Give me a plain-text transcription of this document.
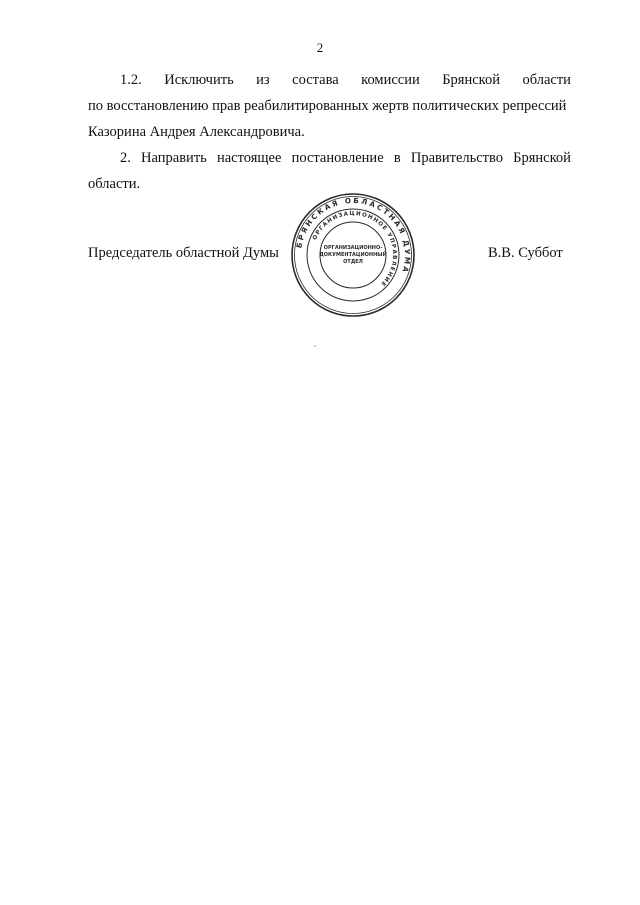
2
1.2. Исключить из состава комиссии Брянской области
по восстановлению прав реабилитированных жертв политических репрессий
Казорина Андрея Александровича.
2. Направить настоящее постановление в Правительство Брянской
области.
Председатель областной Думы	В.В. Суббот
БРЯНСКАЯ ОБЛАСТНАЯ ДУМА
ОРГАНИЗАЦИОННОЕ УПРАВЛЕНИЕ
ОРГАНИЗАЦИОННО-
ДОКУМЕНТАЦИОННЫЙ
ОТДЕЛ
